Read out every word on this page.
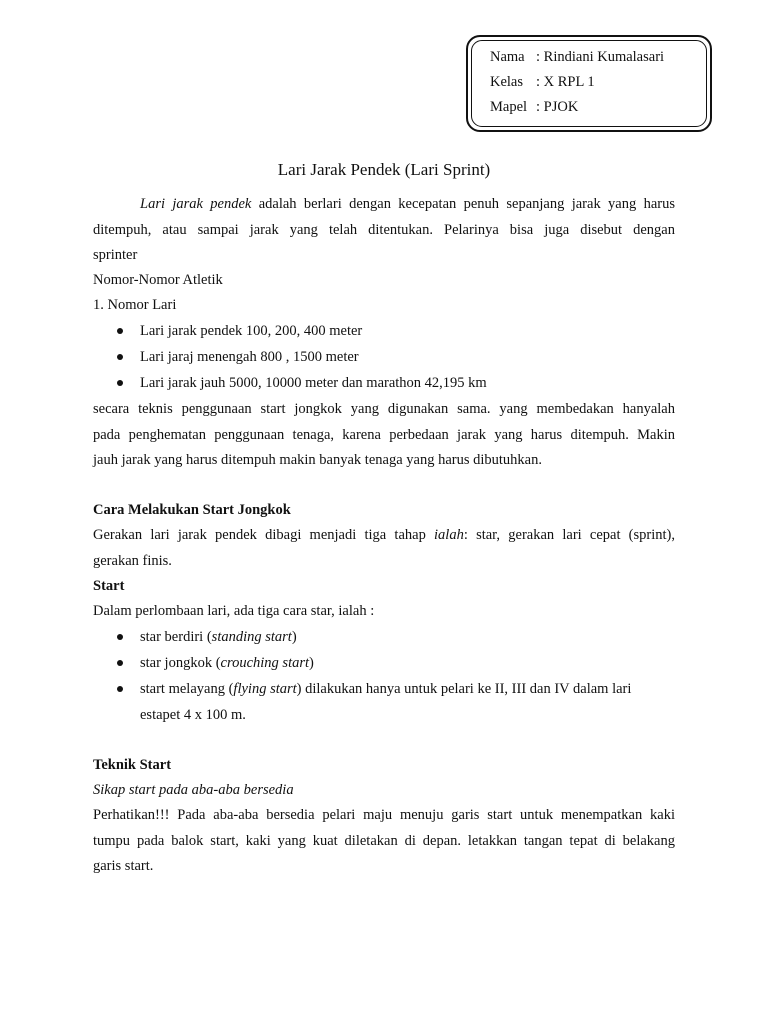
Nama : Rindiani Kumalasari
Kelas : X RPL 1
Mapel : PJOK
Lari Jarak Pendek (Lari Sprint)
Lari jarak pendek adalah berlari dengan kecepatan penuh sepanjang jarak yang harus
ditempuh, atau sampai jarak yang telah ditentukan. Pelarinya bisa juga disebut dengan
sprinter
Nomor-Nomor Atletik
1. Nomor Lari
Lari jarak pendek 100, 200, 400 meter
Lari jaraj menengah 800 , 1500 meter
Lari jarak jauh 5000, 10000 meter dan marathon 42,195 km
secara teknis penggunaan start jongkok yang digunakan sama. yang membedakan hanyalah
pada penghematan penggunaan tenaga, karena perbedaan jarak yang harus ditempuh. Makin
jauh jarak yang harus ditempuh makin banyak tenaga yang harus dibutuhkan.
Cara Melakukan Start Jongkok
Gerakan lari jarak pendek dibagi menjadi tiga tahap ialah: star, gerakan lari cepat (sprint),
gerakan finis.
Start
Dalam perlombaan lari, ada tiga cara star, ialah :
star berdiri (standing start)
star jongkok (crouching start)
start melayang (flying start) dilakukan hanya untuk pelari ke II, III dan IV dalam lari
estapet 4 x 100 m.
Teknik Start
Sikap start pada aba-aba bersedia
Perhatikan!!! Pada aba-aba bersedia pelari maju menuju garis start untuk menempatkan kaki
tumpu pada balok start, kaki yang kuat diletakan di depan. letakkan tangan tepat di belakang
garis start.
